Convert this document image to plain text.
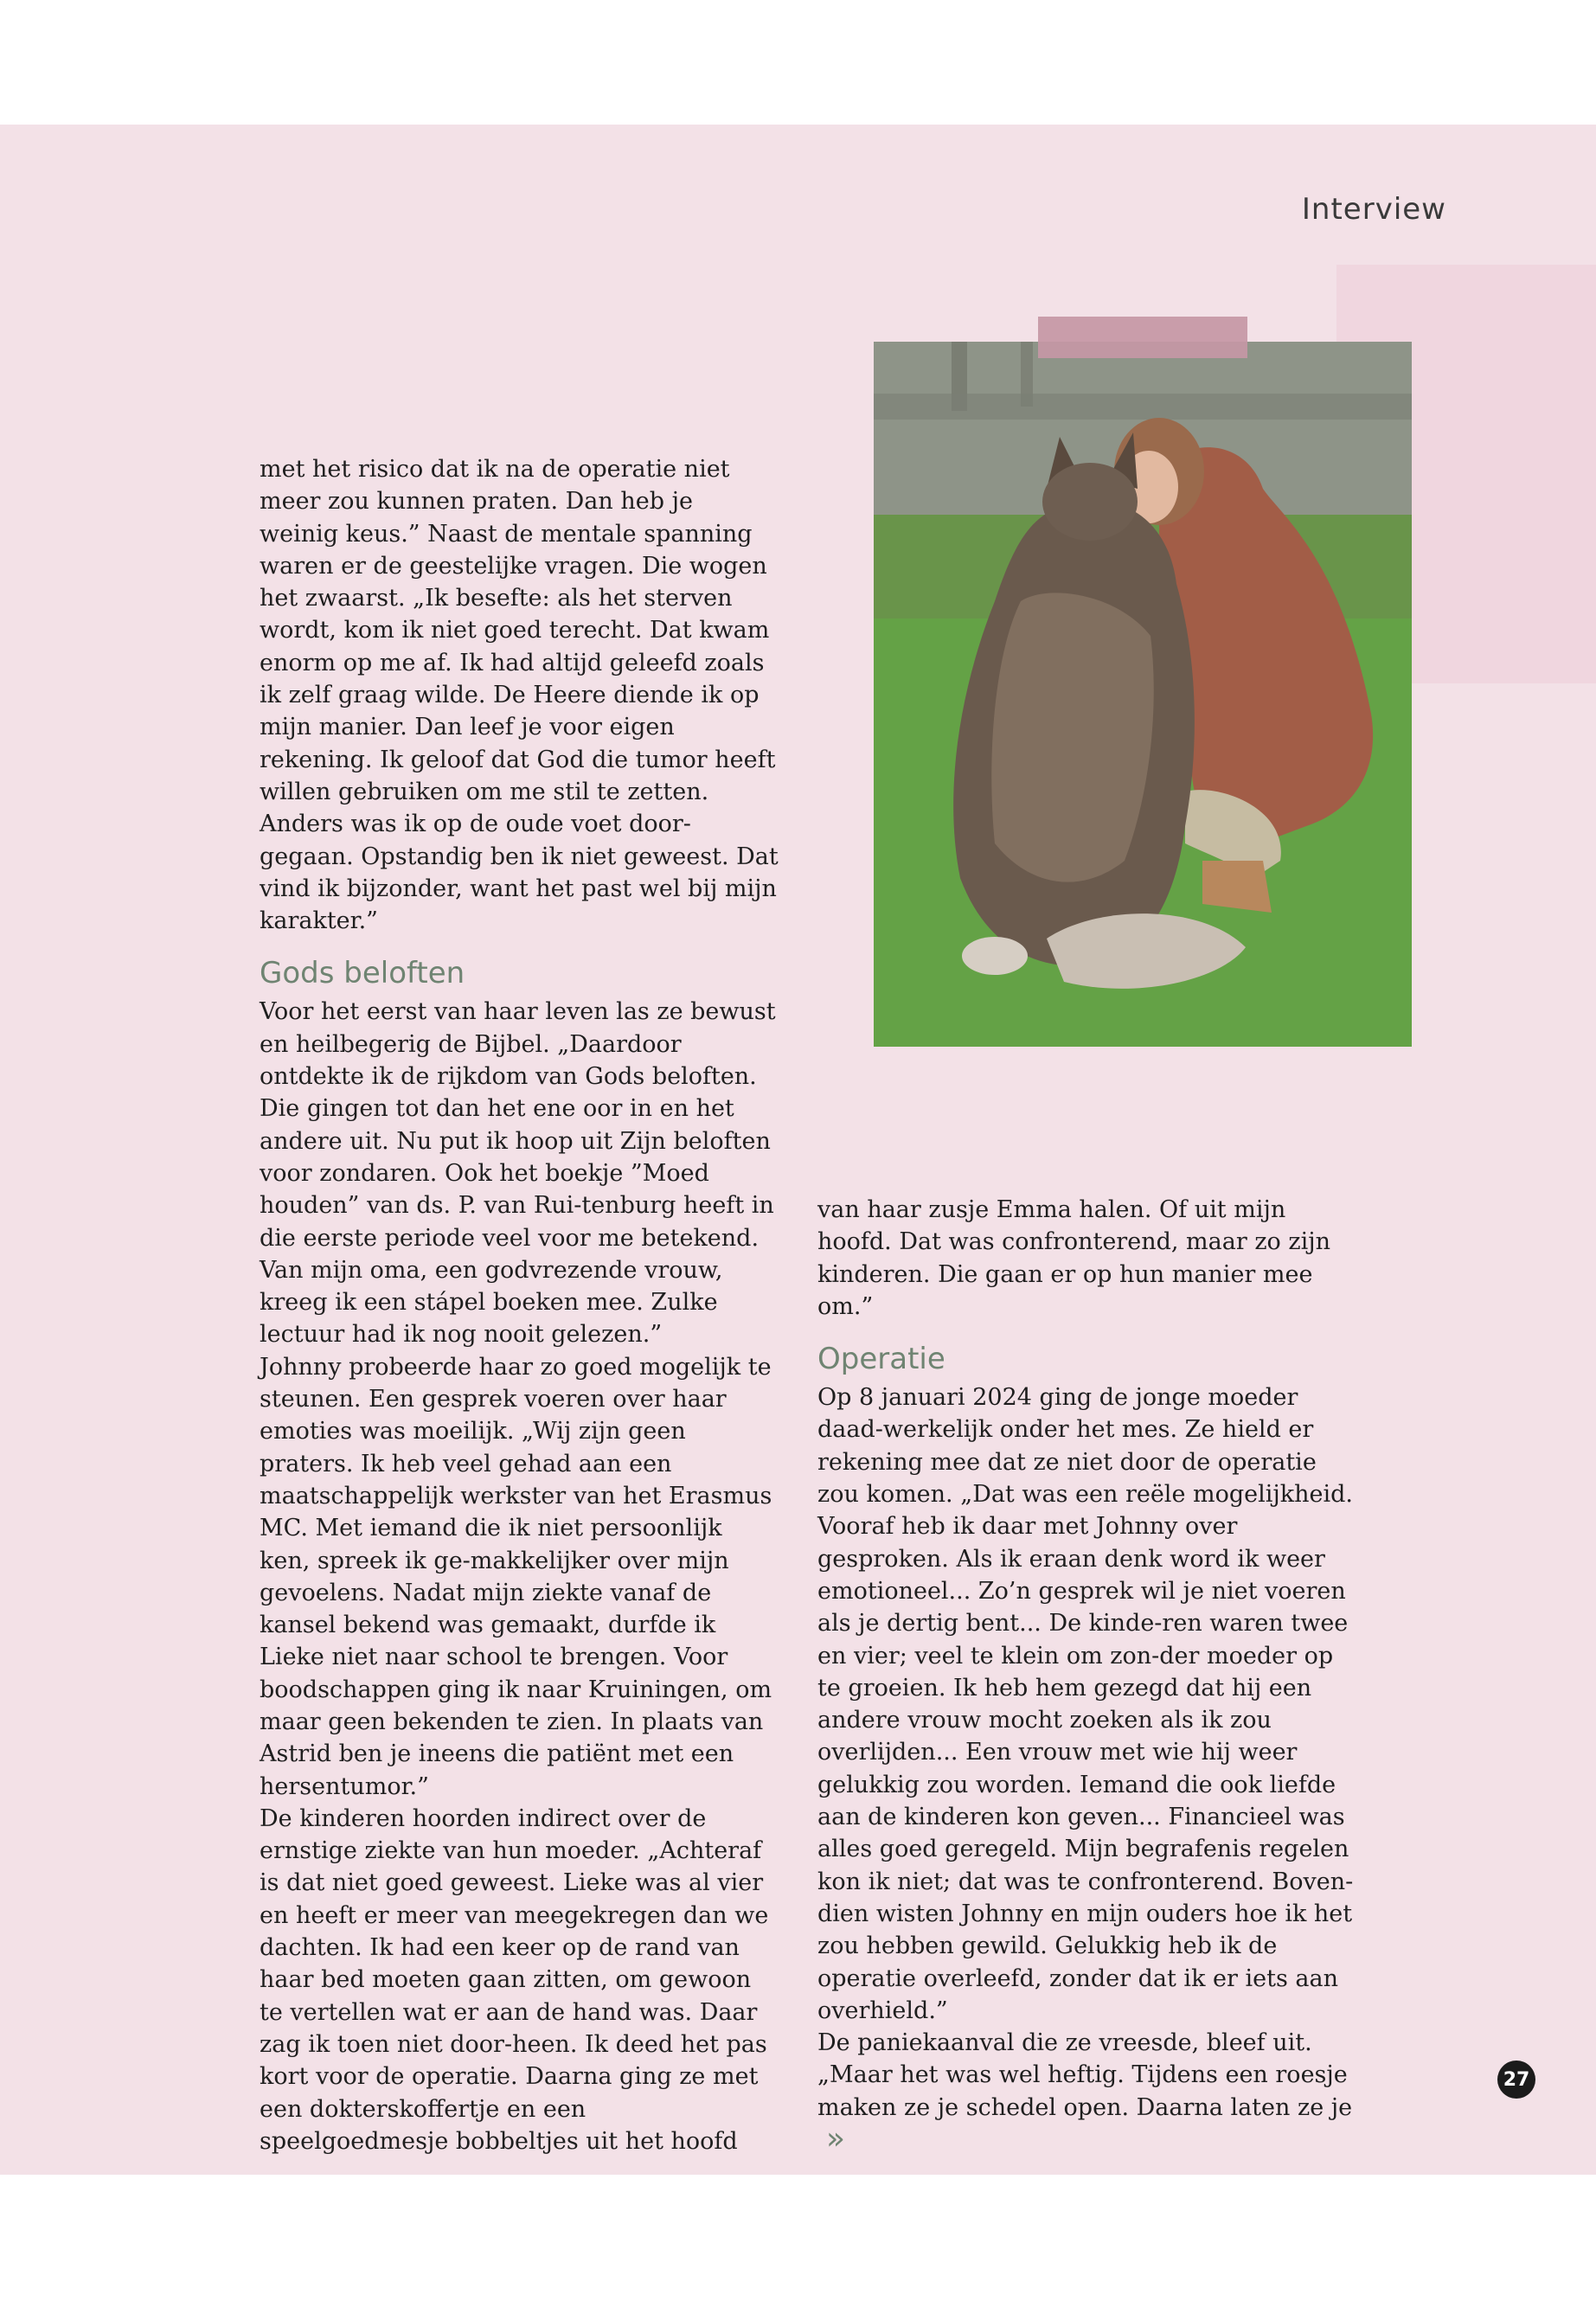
Interview

met het risico dat ik na de operatie niet meer zou kunnen praten. Dan heb je weinig keus.” Naast de mentale spanning waren er de geestelijke vragen. Die wogen het zwaarst. „Ik besefte: als het sterven wordt, kom ik niet goed terecht. Dat kwam enorm op me af. Ik had altijd geleefd zoals ik zelf graag wilde. De Heere diende ik op mijn manier. Dan leef je voor eigen rekening. Ik geloof dat God die tumor heeft willen gebruiken om me stil te zetten. Anders was ik op de oude voet door-gegaan. Opstandig ben ik niet geweest. Dat vind ik bijzonder, want het past wel bij mijn karakter.”

Gods beloften

Voor het eerst van haar leven las ze bewust en heilbegerig de Bijbel. „Daardoor ontdekte ik de rijkdom van Gods beloften. Die gingen tot dan het ene oor in en het andere uit. Nu put ik hoop uit Zijn beloften voor zondaren. Ook het boekje ”Moed houden” van ds. P. van Rui-tenburg heeft in die eerste periode veel voor me betekend. Van mijn oma, een godvrezende vrouw, kreeg ik een stápel boeken mee. Zulke lectuur had ik nog nooit gelezen.”

Johnny probeerde haar zo goed mogelijk te steunen. Een gesprek voeren over haar emoties was moeilijk. „Wij zijn geen praters. Ik heb veel gehad aan een maatschappelijk werkster van het Erasmus MC. Met iemand die ik niet persoonlijk ken, spreek ik ge-makkelijker over mijn gevoelens. Nadat mijn ziekte vanaf de kansel bekend was gemaakt, durfde ik Lieke niet naar school te brengen. Voor boodschappen ging ik naar Kruiningen, om maar geen bekenden te zien. In plaats van Astrid ben je ineens die patiënt met een hersentumor.”

De kinderen hoorden indirect over de ernstige ziekte van hun moeder. „Achteraf is dat niet goed geweest. Lieke was al vier en heeft er meer van meegekregen dan we dachten. Ik had een keer op de rand van haar bed moeten gaan zitten, om gewoon te vertellen wat er aan de hand was. Daar zag ik toen niet door-heen. Ik deed het pas kort voor de operatie. Daarna ging ze met een dokterskoffertje en een speelgoedmesje bobbeltjes uit het hoofd

van haar zusje Emma halen. Of uit mijn hoofd. Dat was confronterend, maar zo zijn kinderen. Die gaan er op hun manier mee om.”

Operatie

Op 8 januari 2024 ging de jonge moeder daad-werkelijk onder het mes. Ze hield er rekening mee dat ze niet door de operatie zou komen. „Dat was een reële mogelijkheid. Vooraf heb ik daar met Johnny over gesproken. Als ik eraan denk word ik weer emotioneel... Zo’n gesprek wil je niet voeren als je dertig bent... De kinde-ren waren twee en vier; veel te klein om zon-der moeder op te groeien. Ik heb hem gezegd dat hij een andere vrouw mocht zoeken als ik zou overlijden... Een vrouw met wie hij weer gelukkig zou worden. Iemand die ook liefde aan de kinderen kon geven... Financieel was alles goed geregeld. Mijn begrafenis regelen kon ik niet; dat was te confronterend. Boven-dien wisten Johnny en mijn ouders hoe ik het zou hebben gewild. Gelukkig heb ik de operatie overleefd, zonder dat ik er iets aan overhield.”

De paniekaanval die ze vreesde, bleef uit. „Maar het was wel heftig. Tijdens een roesje maken ze je schedel open. Daarna laten ze je»

27
